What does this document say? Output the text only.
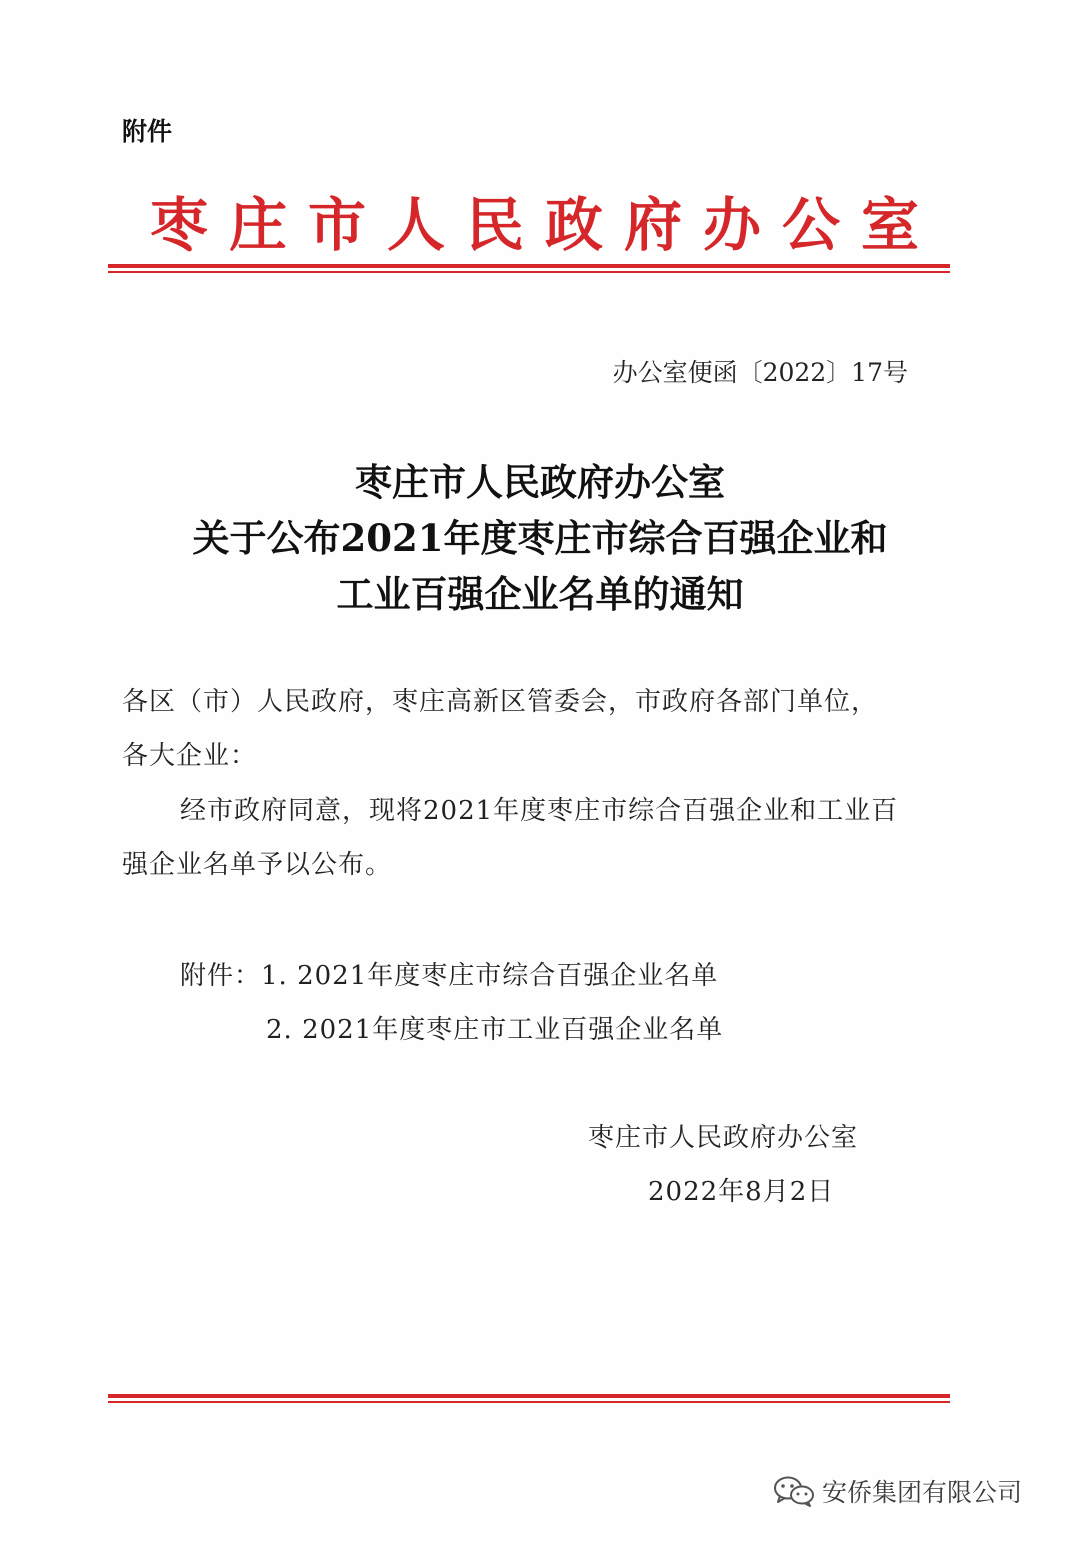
附件
枣庄市人民政府办公室
办公室便函〔2022〕17号
枣庄市人民政府办公室
关于公布2021年度枣庄市综合百强企业和
工业百强企业名单的通知
各区（市）人民政府，枣庄高新区管委会，市政府各部门单位，
各大企业：
经市政府同意，现将2021年度枣庄市综合百强企业和工业百
强企业名单予以公布。
附件：1. 2021年度枣庄市综合百强企业名单
2. 2021年度枣庄市工业百强企业名单
枣庄市人民政府办公室
2022年8月2日
安侨集团有限公司
